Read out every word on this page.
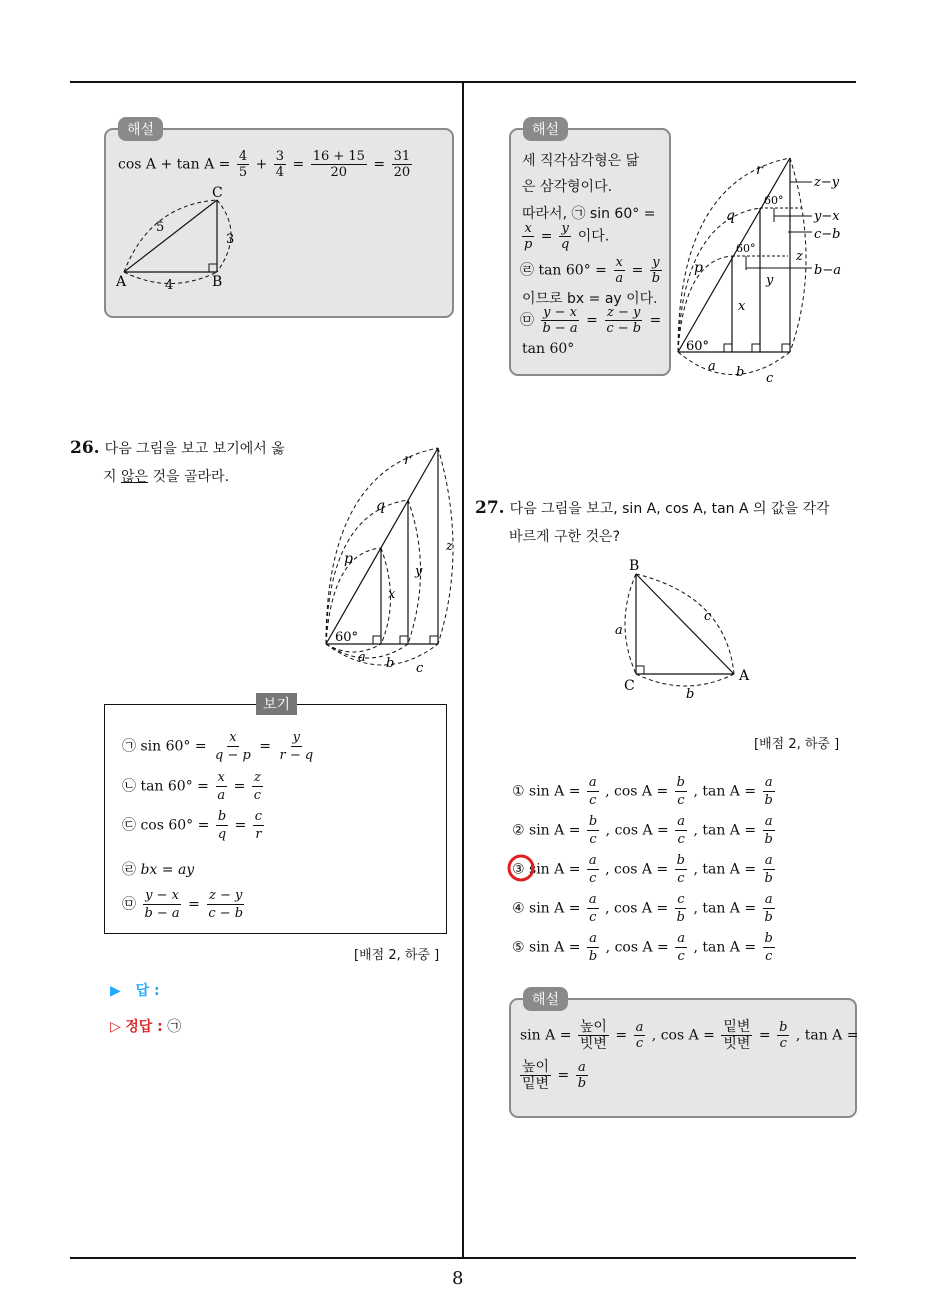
8
해설
$\cos A + \tan A = \frac{4}{5} + \frac{3}{4} = \frac{16 + 15}{20} = \frac{31}{20}$
C
A	B
5
3
4
26. 다음 그림을 보고 보기에서 옳
지 않은 것을 골라라.
r
q
p
x
y
z
60°
a b c
보기
㉠ $\sin 60^\circ = \frac{x}{q - p} = \frac{y}{r - q}$
㉡ $\tan 60^\circ = \frac{x}{a} = \frac{z}{c}$
㉢ $\cos 60^\circ = \frac{b}{q} = \frac{c}{r}$
㉣ bx = ay
㉤ $\frac{y - x}{b - a} = \frac{z - y}{c - b}$
[배점 2, 하중 ]
▶ 답 :
▷ 정답 : ㉠
해설
세 직각삼각형은 닮
은 삼각형이다.
따라서, ㉠ sin 60° =
$\frac{x}{p} = \frac{y}{q}$ 이다.
㉣ $\tan 60^\circ = \frac{x}{a} = \frac{y}{b}$
이므로 bx = ay 이다.
㉤ $\frac{y - x}{b - a} = \frac{z - y}{c - b}$ =
tan 60°
r
q
p
x
y
z
60°
60°
60°
a b c
z−y
y−x
c−b
b−a
27. 다음 그림을 보고, sin A, cos A, tan A 의 값을 각각
바르게 구한 것은?
B
C
A
a
c
b
[배점 2, 하중 ]
① $\sin A = \frac{a}{c}$ , $\cos A = \frac{b}{c}$ , $\tan A = \frac{a}{b}$
② $\sin A = \frac{b}{c}$ , $\cos A = \frac{a}{c}$ , $\tan A = \frac{a}{b}$
③ $\sin A = \frac{a}{c}$ , $\cos A = \frac{b}{c}$ , $\tan A = \frac{a}{b}$
④ $\sin A = \frac{a}{c}$ , $\cos A = \frac{c}{b}$ , $\tan A = \frac{a}{b}$
⑤ $\sin A = \frac{a}{b}$ , $\cos A = \frac{a}{c}$ , $\tan A = \frac{b}{c}$
해설
$\sin A = \frac{\text{높이}}{\text{빗변}} = \frac{a}{c}$ , $\cos A = \frac{\text{밑변}}{\text{빗변}} = \frac{b}{c}$ , tan A =
$\frac{\text{높이}}{\text{밑변}} = \frac{a}{b}$
